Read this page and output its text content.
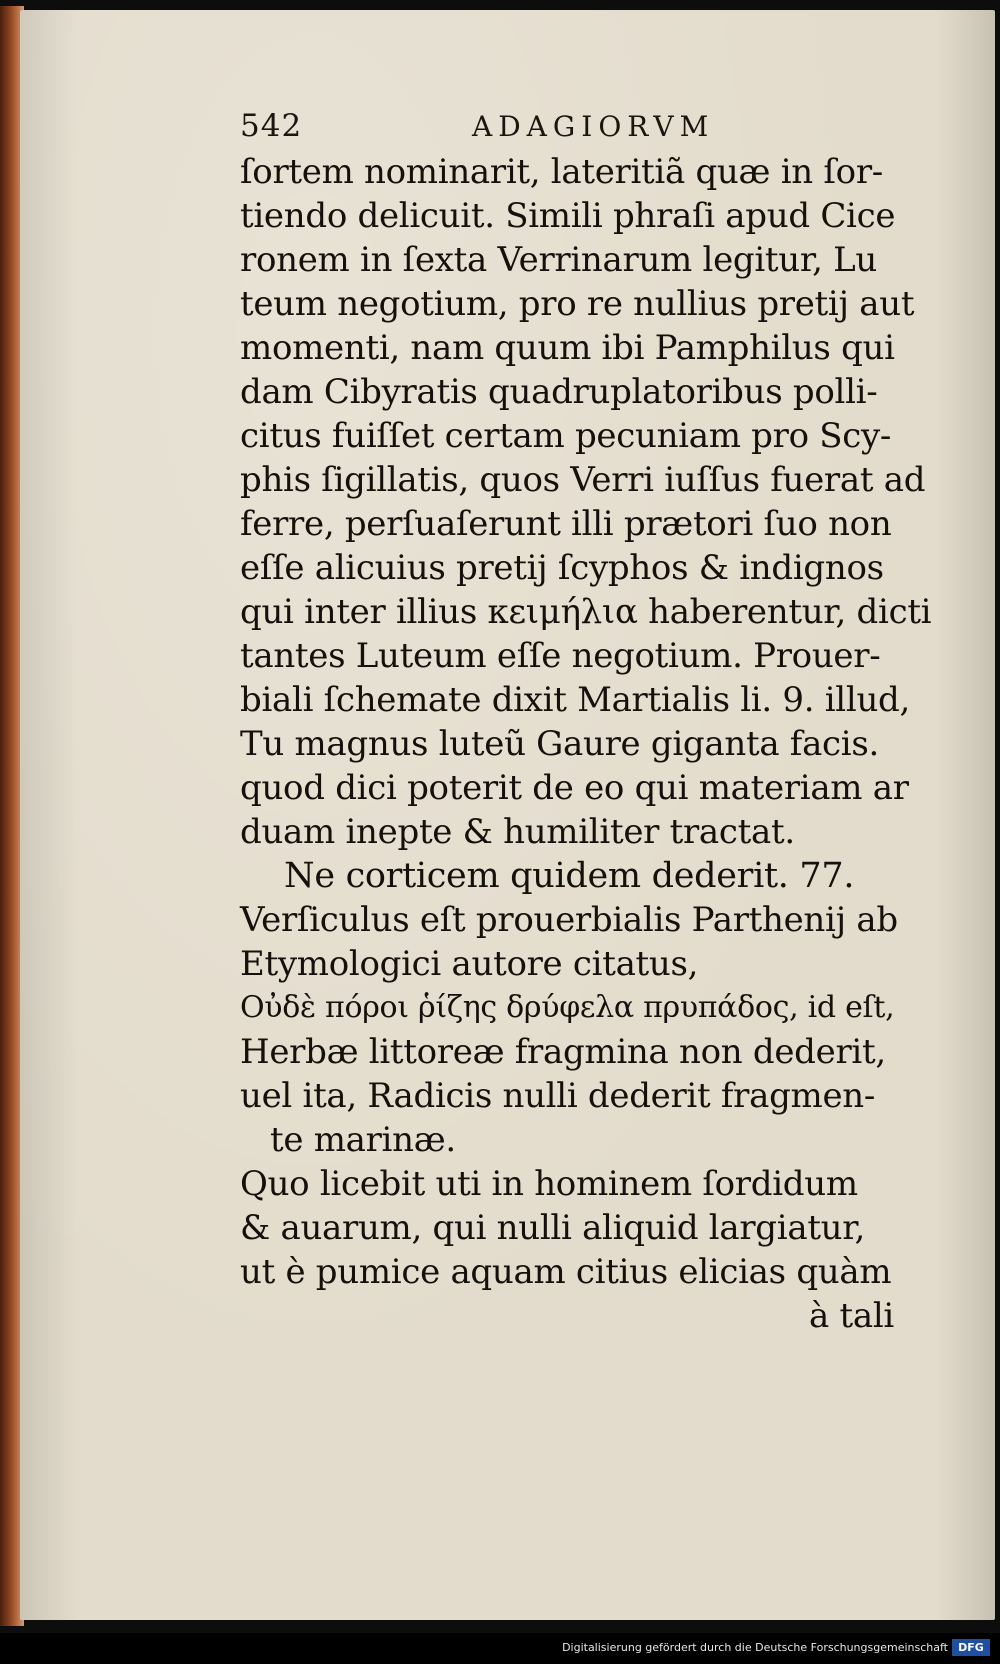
542	ADAGIORVM
ſortem nominarit, lateritiã quæ in ſor-
tiendo delicuit. Simili phraſi apud Cice
ronem in ſexta Verrinarum legitur, Lu
teum negotium, pro re nullius pretij aut
momenti, nam quum ibi Pamphilus qui
dam Cibyratis quadruplatoribus polli-
citus fuiſſet certam pecuniam pro Scy-
phis ſigillatis, quos Verri iuſſus fuerat ad
ferre, perſuaſerunt illi prætori ſuo non
eſſe alicuius pretij ſcyphos & indignos
qui inter illius κειμήλια haberentur, dicti
tantes Luteum eſſe negotium. Prouer-
biali ſchemate dixit Martialis li. 9. illud,
Tu magnus luteũ Gaure giganta facis.
quod dici poterit de eo qui materiam ar
duam inepte & humiliter tractat.
Ne corticem quidem dederit. 77.
Verſiculus eſt prouerbialis Parthenij ab
Etymologici autore citatus,
Οὐδὲ πόροι ῥίζης δρύφελα πρυπάδος, id eſt,
Herbæ littoreæ fragmina non dederit,
uel ita, Radicis nulli dederit fragmen-
te marinæ.
Quo licebit uti in hominem ſordidum
& auarum, qui nulli aliquid largiatur,
ut è pumice aquam citius elicias quàm
à tali
Digitalisierung gefördert durch die Deutsche Forschungsgemeinschaft DFG
